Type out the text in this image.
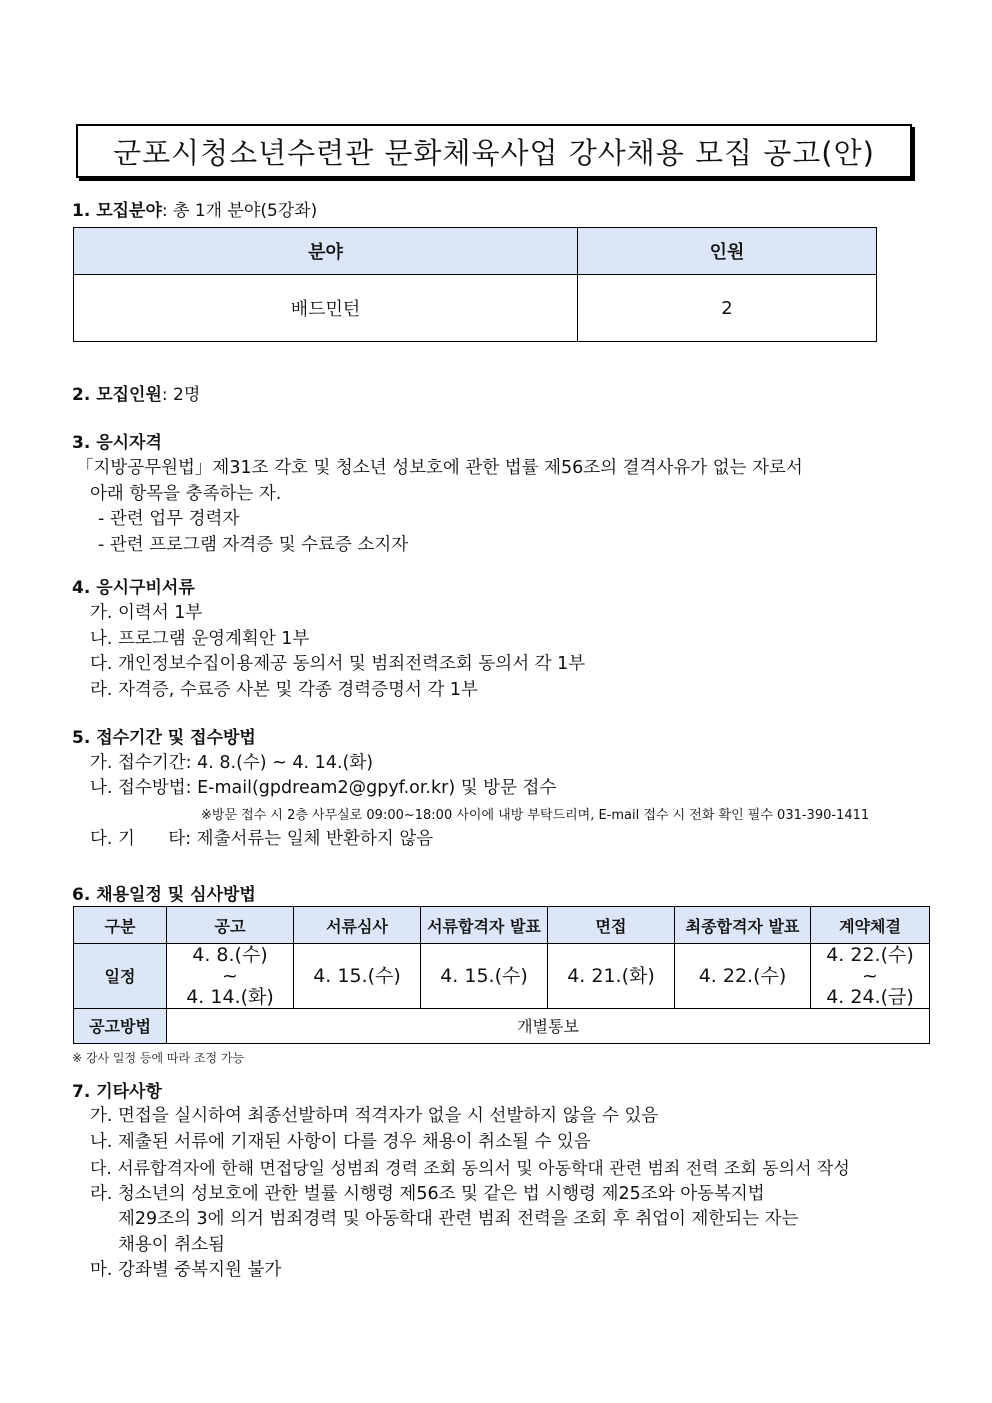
군포시청소년수련관 문화체육사업 강사채용 모집 공고(안)
1. 모집분야: 총 1개 분야(5강좌)
분야	인원
배드민턴	2
2. 모집인원: 2명
3. 응시자격
「지방공무원법」제31조 각호 및 청소년 성보호에 관한 법률 제56조의 결격사유가 없는 자로서
아래 항목을 충족하는 자.
- 관련 업무 경력자
- 관련 프로그램 자격증 및 수료증 소지자
4. 응시구비서류
가. 이력서 1부
나. 프로그램 운영계획안 1부
다. 개인정보수집이용제공 동의서 및 범죄전력조회 동의서 각 1부
라. 자격증, 수료증 사본 및 각종 경력증명서 각 1부
5. 접수기간 및 접수방법
가. 접수기간: 4. 8.(수) ~ 4. 14.(화)
나. 접수방법: E-mail(gpdream2@gpyf.or.kr) 및 방문 접수
※방문 접수 시 2층 사무실로 09:00~18:00 사이에 내방 부탁드리며, E-mail 접수 시 전화 확인 필수 031-390-1411
다. 기      타: 제출서류는 일체 반환하지 않음
6. 채용일정 및 심사방법
구분	공고	서류심사	서류합격자 발표	면접	최종합격자 발표	계약체결
일정	4. 8.(수)
~
4. 14.(화)	4. 15.(수)	4. 15.(수)	4. 21.(화)	4. 22.(수)	4. 22.(수)
~
4. 24.(금)

공고방법	개별통보					
※ 강사 일정 등에 따라 조정 가능
7. 기타사항
가. 면접을 실시하여 최종선발하며 적격자가 없을 시 선발하지 않을 수 있음
나. 제출된 서류에 기재된 사항이 다를 경우 채용이 취소될 수 있음
다. 서류합격자에 한해 면접당일 성범죄 경력 조회 동의서 및 아동학대 관련 범죄 전력 조회 동의서 작성
라. 청소년의 성보호에 관한 벌률 시행령 제56조 및 같은 법 시행령 제25조와 아동복지법
제29조의 3에 의거 범죄경력 및 아동학대 관련 범죄 전력을 조회 후 취업이 제한되는 자는
채용이 취소됨
마. 강좌별 중복지원 불가
